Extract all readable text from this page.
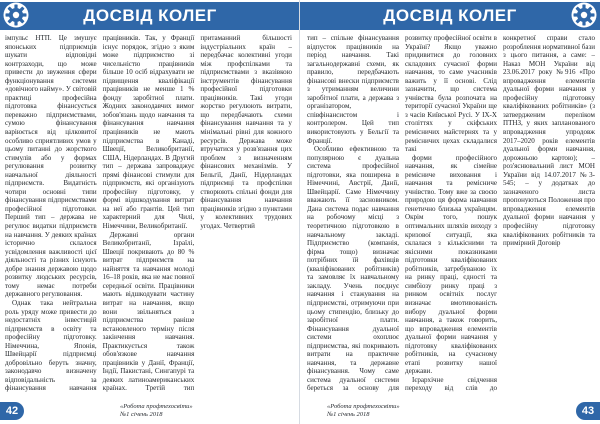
ДОСВІД КОЛЕГ

імпульс НТП. Це змушує японських підприємців шукати відповідні контрзаходи, що може привести до звуження сфери функціонування системи «довічного найму». У світовій практиці професійна підготовка фінансується переважно підприємствами, сумою фінансування варіюється від цілковитої особливо сприятливих умов у цьому питанні до жорсткого стимулів або у формах регулювання розвитку навчальної діяльності підприємств. Видатність чотири основні типи фінансування підприємствами професійної підготовки. Перший тип – держава не регулює видатки підприємств на навчання. У деяких країнах історично склалося усвідомлення важливості цієї діяльності та різних існують добре знання державою щодо розвитку людських ресурсів, тому немає потреби державного регулювання.

Однак така нейтральна роль уряду може привести до недостатніх інвестицій підприємств в освіту та професійну підготовку. Німеччина, Японія, Швейцарії підприємці добровільно беруть значну, законодавчо визначену відповідальність за фінансування навчання працівників. Так, у Франції існує порядок, згідно з яким може підприємство зі чисельністю працівників більше 10 осіб відрахувати не підвищення кваліфікації працівників не менше 1 % фонду заробітної плати. Жодних законодавчих вимог зобов'язань щодо навчання та фінансування навчання працівників не мають підприємства в Канаді, Швеції, Великобританії, США, Нідерландах. В Другий тип – держава запроваджує прямі фінансові стимули для підприємств, які організують професійну підготовку, у формі відшкодування витрат на неї або грантів. Цей тип характерний для Чилі, Німеччини, Великобританії.

Державні органи Великобританії, Ізраїлі, Швеції покривають до 80 % витрат підприємств на найняття та навчання молоді 16–18 років, яка не має повної середньої освіти. Працівники мають відшкодувати частину витрат на навчання, якщо вони звільняться з підприємства раніше встановленого терміну після закінчення навчання. Практикується також обов'язкове навчання працівників у Данії, Франції, Індії, Пакистані, Сингапурі та деяких латиноамериканських країнах. Третій тип притаманний більшості індустріальних країн – передбачає колективні угоди між профспілками та підприємствами з вказівкою інструментів фінансування професійної підготовки працівників. Такі угоди жорстко регулюють витрати, що передбачають схеми фінансування навчання та у мінімальні рівні для кожного ресурсів. Держава може втручатися у розв'язання цих проблем з визначенням фінансових механізмів. У Бельгії, Данії, Нідерландах підприємці та профспілки створюють спільні фонди для фінансування навчання працівників згідно з пунктами у колективних трудових угодах. Четвертий

«Робота профтехосвіти»
№1 січень 2018
42
ДОСВІД КОЛЕГ

тип – спільне фінансування відпусток працівників на період навчання. Такі загальнодержавні схеми, як правило, передбачають фінансові внески підприємств з утриманням величини заробітної плати, а держава з організатором, співфінансистом і контролером. Цей тип використовують у Бельгії та Франції.

Особливо ефективною та популярною є дуальна система професійної підготовки, яка поширена в Німеччині, Австрії, Данії, Швейцарії. Саме Німеччину вважають її засновником. Дана система подає навчання на робочому місці з теоретичною підготовкою в навчальному закладі. Підприємство (компанія, фірма тощо) визначає потрібних їй фахівців (кваліфікованих робітників) та замовляє їх навчальному закладу. Учень поєднує навчання і стажування на підприємстві, отримуючи при цьому стипендію, близьку до заробітної плати. Фінансування дуальної системи охоплює підприємства, які покривають витрати на практичне навчання, та державне фінансування. Чому саме система дуальної системи береться за основу для розвитку професійної освіти в Україні? Якщо уважно придивитися до головних складових сучасної форми навчання, то саме учасників важить у її основі. Слід зазначити, що система учнівства була розпочата на території сучасної України ще з часів Київської Русі. У ІХ-Х століттях у скіфських ремісничих майстернях та у ремісничих цехах складалися такі

форми професійного навчання, як сімейне ремісниче виховання і навчання та ремісниче учнівство. Тому вже за своєю природою ця форма навчання генетично близька українцям. Окрім того, пошук оптимальних шляхів виходу з кризової ситуації, яка склалася з кількісними та якісними показниками підготовки кваліфікованих робітників, затребуваною їх на ринку праці, єдності та симбіозу ринку праці з ринком освітніх послуг визначає вмотивованість вибору дуальної форми навчання, а також говорить, що впровадження елементів дуальної форми навчання у підготовку кваліфікованих робітників, на сучасному етапі розвитку нашої держави.

Ієрархічне свідчення переходу від слів до конкретної справи стало розроблення нормативної бази з цього питання, а саме: – Наказ МОН України від 23.06.2017 року №916 «Про впровадження елементів дуальної форми навчання у професійну підготовку кваліфікованих робітників» (з затвердженим переліком ПТНЗ, у яких запланованого впровадження упродовж 2017–2020 років елементів дуальної форми навчання, дорожньою картою); – роз'яснювальний лист МОН України від 14.07.2017 №3-545; – у додатках до зазначеного листа пропонуються Положення про впровадження елементів дуальної форми навчання у професійну підготовку кваліфікованих робітників та примірний Договір

«Робота профтехосвіти»
№1 січень 2018	43
